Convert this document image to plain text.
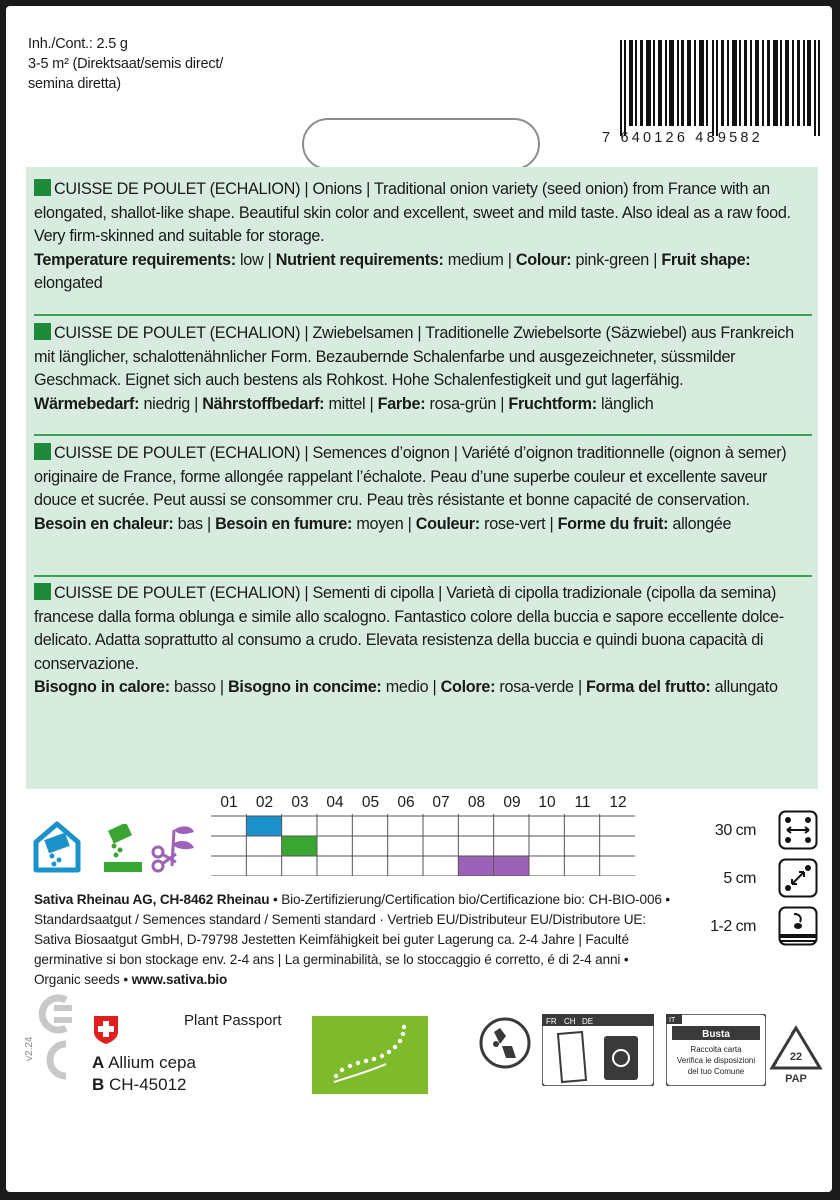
Inh./Cont.: 2.5 g
3-5 m² (Direktsaat/semis direct/
semina diretta)
7 640126 489582
CUISSE DE POULET (ECHALION) | Onions | Traditional onion variety (seed onion) from France with an elongated, shallot-like shape. Beautiful skin color and excellent, sweet and mild taste. Also ideal as a raw food. Very firm-skinned and suitable for storage.
Temperature requirements: low | Nutrient requirements: medium | Colour: pink-green | Fruit shape: elongated
CUISSE DE POULET (ECHALION) | Zwiebelsamen | Traditionelle Zwiebelsorte (Säzwiebel) aus Frankreich mit länglicher, schalottenähnlicher Form. Bezaubernde Schalenfarbe und ausgezeichneter, süssmilder Geschmack. Eignet sich auch bestens als Rohkost. Hohe Schalenfestigkeit und gut lagerfähig.
Wärmebedarf: niedrig | Nährstoffbedarf: mittel | Farbe: rosa-grün | Fruchtform: länglich
CUISSE DE POULET (ECHALION) | Semences d’oignon | Variété d’oignon traditionnelle (oignon à semer) originaire de France, forme allongée rappelant l’échalote. Peau d’une superbe couleur et excellente saveur douce et sucrée. Peut aussi se consommer cru. Peau très résistante et bonne capacité de conservation.
Besoin en chaleur: bas | Besoin en fumure: moyen | Couleur: rose-vert | Forme du fruit: allongée
CUISSE DE POULET (ECHALION) | Sementi di cipolla | Varietà di cipolla tradizionale (cipolla da semina) francese dalla forma oblunga e simile allo scalogno. Fantastico colore della buccia e sapore eccellente dolce-delicato. Adatta soprattutto al consumo a crudo. Elevata resistenza della buccia e quindi buona capacità di conservazione.
Bisogno in calore: basso | Bisogno in concime: medio | Colore: rosa-verde | Forma del frutto: allungato
01	02	03	04	05	06	07	08	09	10	11	12
30 cm
5 cm
1-2 cm
Sativa Rheinau AG, CH-8462 Rheinau • Bio-Zertifizierung/Certification bio/Certificazione bio: CH-BIO-006 • Standardsaatgut / Semences standard / Sementi standard · Vertrieb EU/Distributeur EU/Distributore UE: Sativa Biosaatgut GmbH, D-79798 Jestetten Keimfähigkeit bei guter Lagerung ca. 2-4 Jahre | Faculté germinative si bon stockage env. 2-4 ans | La germinabilità, se lo stoccaggio é corretto, é di 2-4 anni • Organic seeds • www.sativa.bio
v2.24
Plant Passport
A Allium cepa
B CH-45012
FR CH DE	IT
Busta
Raccolta carta
Verifica le disposizioni
del tuo Comune
22
PAP
